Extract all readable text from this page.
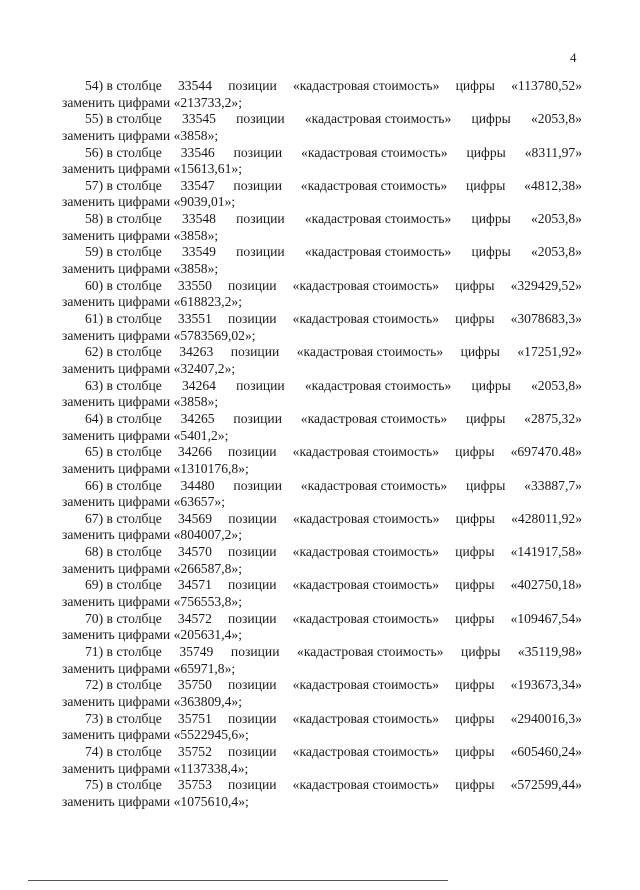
4
54) в столбце 33544 позиции «кадастровая стоимость» цифры «113780,52»
заменить цифрами «213733,2»;
55) в столбце 33545 позиции «кадастровая стоимость» цифры «2053,8»
заменить цифрами «3858»;
56) в столбце 33546 позиции «кадастровая стоимость» цифры «8311,97»
заменить цифрами «15613,61»;
57) в столбце 33547 позиции «кадастровая стоимость» цифры «4812,38»
заменить цифрами «9039,01»;
58) в столбце 33548 позиции «кадастровая стоимость» цифры «2053,8»
заменить цифрами «3858»;
59) в столбце 33549 позиции «кадастровая стоимость» цифры «2053,8»
заменить цифрами «3858»;
60) в столбце 33550 позиции «кадастровая стоимость» цифры «329429,52»
заменить цифрами «618823,2»;
61) в столбце 33551 позиции «кадастровая стоимость» цифры «3078683,3»
заменить цифрами «5783569,02»;
62) в столбце 34263 позиции «кадастровая стоимость» цифры «17251,92»
заменить цифрами «32407,2»;
63) в столбце 34264 позиции «кадастровая стоимость» цифры «2053,8»
заменить цифрами «3858»;
64) в столбце 34265 позиции «кадастровая стоимость» цифры «2875,32»
заменить цифрами «5401,2»;
65) в столбце 34266 позиции «кадастровая стоимость» цифры «697470.48»
заменить цифрами «1310176,8»;
66) в столбце 34480 позиции «кадастровая стоимость» цифры «33887,7»
заменить цифрами «63657»;
67) в столбце 34569 позиции «кадастровая стоимость» цифры «428011,92»
заменить цифрами «804007,2»;
68) в столбце 34570 позиции «кадастровая стоимость» цифры «141917,58»
заменить цифрами «266587,8»;
69) в столбце 34571 позиции «кадастровая стоимость» цифры «402750,18»
заменить цифрами «756553,8»;
70) в столбце 34572 позиции «кадастровая стоимость» цифры «109467,54»
заменить цифрами «205631,4»;
71) в столбце 35749 позиции «кадастровая стоимость» цифры «35119,98»
заменить цифрами «65971,8»;
72) в столбце 35750 позиции «кадастровая стоимость» цифры «193673,34»
заменить цифрами «363809,4»;
73) в столбце 35751 позиции «кадастровая стоимость» цифры «2940016,3»
заменить цифрами «5522945,6»;
74) в столбце 35752 позиции «кадастровая стоимость» цифры «605460,24»
заменить цифрами «1137338,4»;
75) в столбце 35753 позиции «кадастровая стоимость» цифры «572599,44»
заменить цифрами «1075610,4»;
